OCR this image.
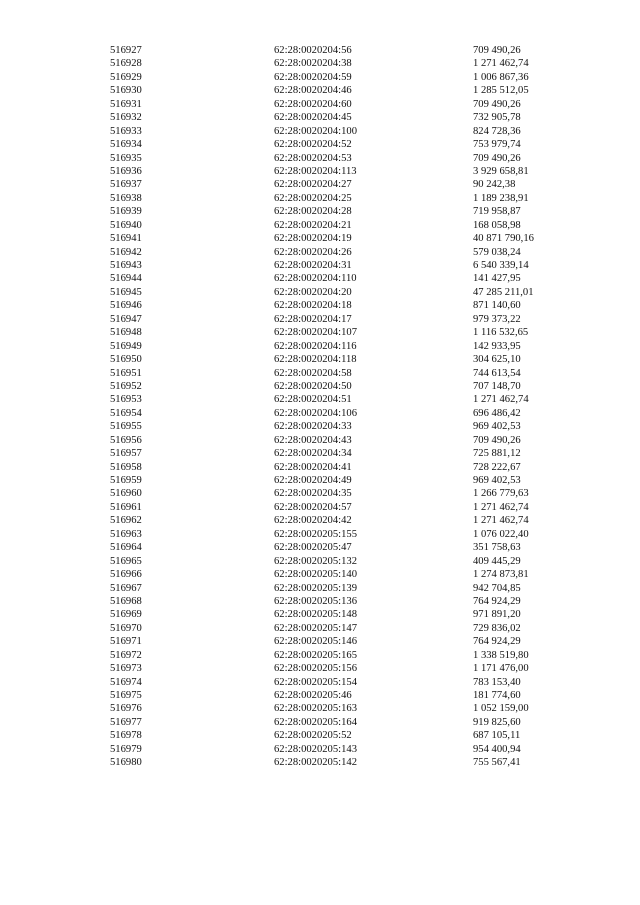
516927	62:28:0020204:56	709 490,26
516928	62:28:0020204:38	1 271 462,74
516929	62:28:0020204:59	1 006 867,36
516930	62:28:0020204:46	1 285 512,05
516931	62:28:0020204:60	709 490,26
516932	62:28:0020204:45	732 905,78
516933	62:28:0020204:100	824 728,36
516934	62:28:0020204:52	753 979,74
516935	62:28:0020204:53	709 490,26
516936	62:28:0020204:113	3 929 658,81
516937	62:28:0020204:27	90 242,38
516938	62:28:0020204:25	1 189 238,91
516939	62:28:0020204:28	719 958,87
516940	62:28:0020204:21	168 058,98
516941	62:28:0020204:19	40 871 790,16
516942	62:28:0020204:26	579 038,24
516943	62:28:0020204:31	6 540 339,14
516944	62:28:0020204:110	141 427,95
516945	62:28:0020204:20	47 285 211,01
516946	62:28:0020204:18	871 140,60
516947	62:28:0020204:17	979 373,22
516948	62:28:0020204:107	1 116 532,65
516949	62:28:0020204:116	142 933,95
516950	62:28:0020204:118	304 625,10
516951	62:28:0020204:58	744 613,54
516952	62:28:0020204:50	707 148,70
516953	62:28:0020204:51	1 271 462,74
516954	62:28:0020204:106	696 486,42
516955	62:28:0020204:33	969 402,53
516956	62:28:0020204:43	709 490,26
516957	62:28:0020204:34	725 881,12
516958	62:28:0020204:41	728 222,67
516959	62:28:0020204:49	969 402,53
516960	62:28:0020204:35	1 266 779,63
516961	62:28:0020204:57	1 271 462,74
516962	62:28:0020204:42	1 271 462,74
516963	62:28:0020205:155	1 076 022,40
516964	62:28:0020205:47	351 758,63
516965	62:28:0020205:132	409 445,29
516966	62:28:0020205:140	1 274 873,81
516967	62:28:0020205:139	942 704,85
516968	62:28:0020205:136	764 924,29
516969	62:28:0020205:148	971 891,20
516970	62:28:0020205:147	729 836,02
516971	62:28:0020205:146	764 924,29
516972	62:28:0020205:165	1 338 519,80
516973	62:28:0020205:156	1 171 476,00
516974	62:28:0020205:154	783 153,40
516975	62:28:0020205:46	181 774,60
516976	62:28:0020205:163	1 052 159,00
516977	62:28:0020205:164	919 825,60
516978	62:28:0020205:52	687 105,11
516979	62:28:0020205:143	954 400,94
516980	62:28:0020205:142	755 567,41
